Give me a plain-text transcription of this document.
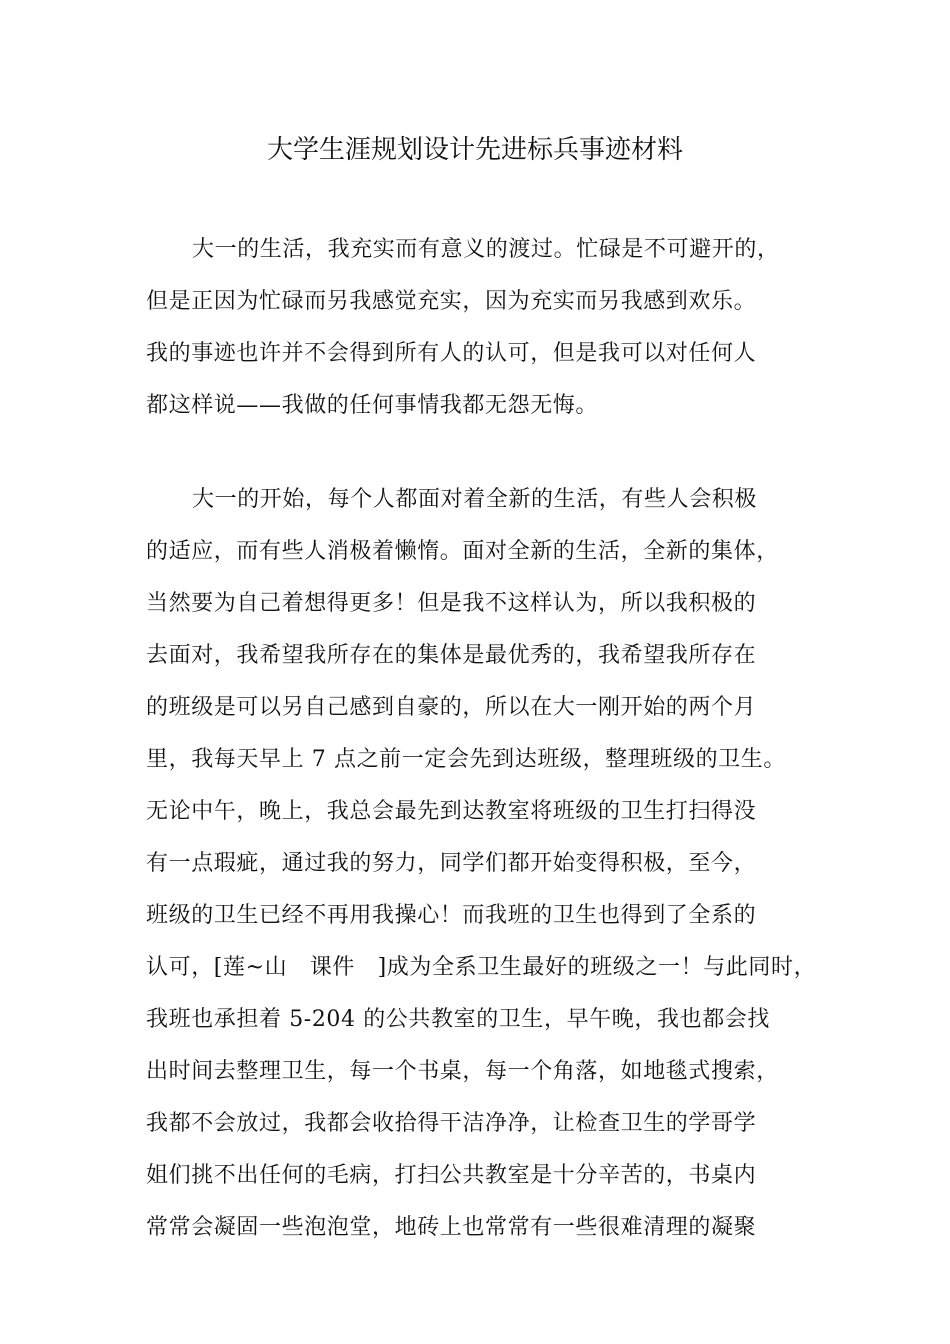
大学生涯规划设计先进标兵事迹材料
大一的生活，我充实而有意义的渡过。忙碌是不可避开的，
但是正因为忙碌而另我感觉充实，因为充实而另我感到欢乐。
我的事迹也许并不会得到所有人的认可，但是我可以对任何人
都这样说——我做的任何事情我都无怨无悔。
大一的开始，每个人都面对着全新的生活，有些人会积极
的适应，而有些人消极着懒惰。面对全新的生活，全新的集体，
当然要为自己着想得更多！但是我不这样认为，所以我积极的
去面对，我希望我所存在的集体是最优秀的，我希望我所存在
的班级是可以另自己感到自豪的，所以在大一刚开始的两个月
里，我每天早上 7 点之前一定会先到达班级，整理班级的卫生。
无论中午，晚上，我总会最先到达教室将班级的卫生打扫得没
有一点瑕疵，通过我的努力，同学们都开始变得积极，至今，
班级的卫生已经不再用我操心！而我班的卫生也得到了全系的
认可，[莲~山　课件　]成为全系卫生最好的班级之一！与此同时，
我班也承担着 5-204 的公共教室的卫生，早午晚，我也都会找
出时间去整理卫生，每一个书桌，每一个角落，如地毯式搜索，
我都不会放过，我都会收拾得干洁净净，让检查卫生的学哥学
姐们挑不出任何的毛病，打扫公共教室是十分辛苦的，书桌内
常常会凝固一些泡泡堂，地砖上也常常有一些很难清理的凝聚
